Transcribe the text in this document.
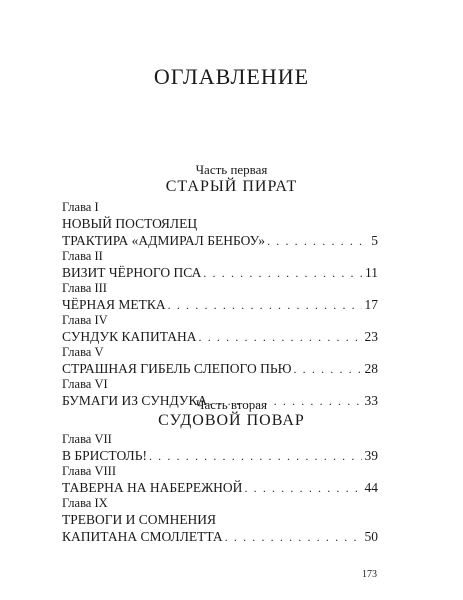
ОГЛАВЛЕНИЕ
Часть первая
СТАРЫЙ ПИРАТ
Глава I
НОВЫЙ ПОСТОЯЛЕЦ
ТРАКТИРА «АДМИРАЛ БЕНБОУ» . . .	5
Глава II
ВИЗИТ ЧЁРНОГО ПСА . . .	11
Глава III
ЧЁРНАЯ МЕТКА . . .	17
Глава IV
СУНДУК КАПИТАНА . . .	23
Глава V
СТРАШНАЯ ГИБЕЛЬ СЛЕПОГО ПЬЮ . . .	28
Глава VI
БУМАГИ ИЗ СУНДУКА . . .	33
Часть вторая
СУДОВОЙ ПОВАР
Глава VII
В БРИСТОЛЬ! . . .	39
Глава VIII
ТАВЕРНА НА НАБЕРЕЖНОЙ . . .	44
Глава IX
ТРЕВОГИ И СОМНЕНИЯ
КАПИТАНА СМОЛЛЕТТА . . .	50
173
